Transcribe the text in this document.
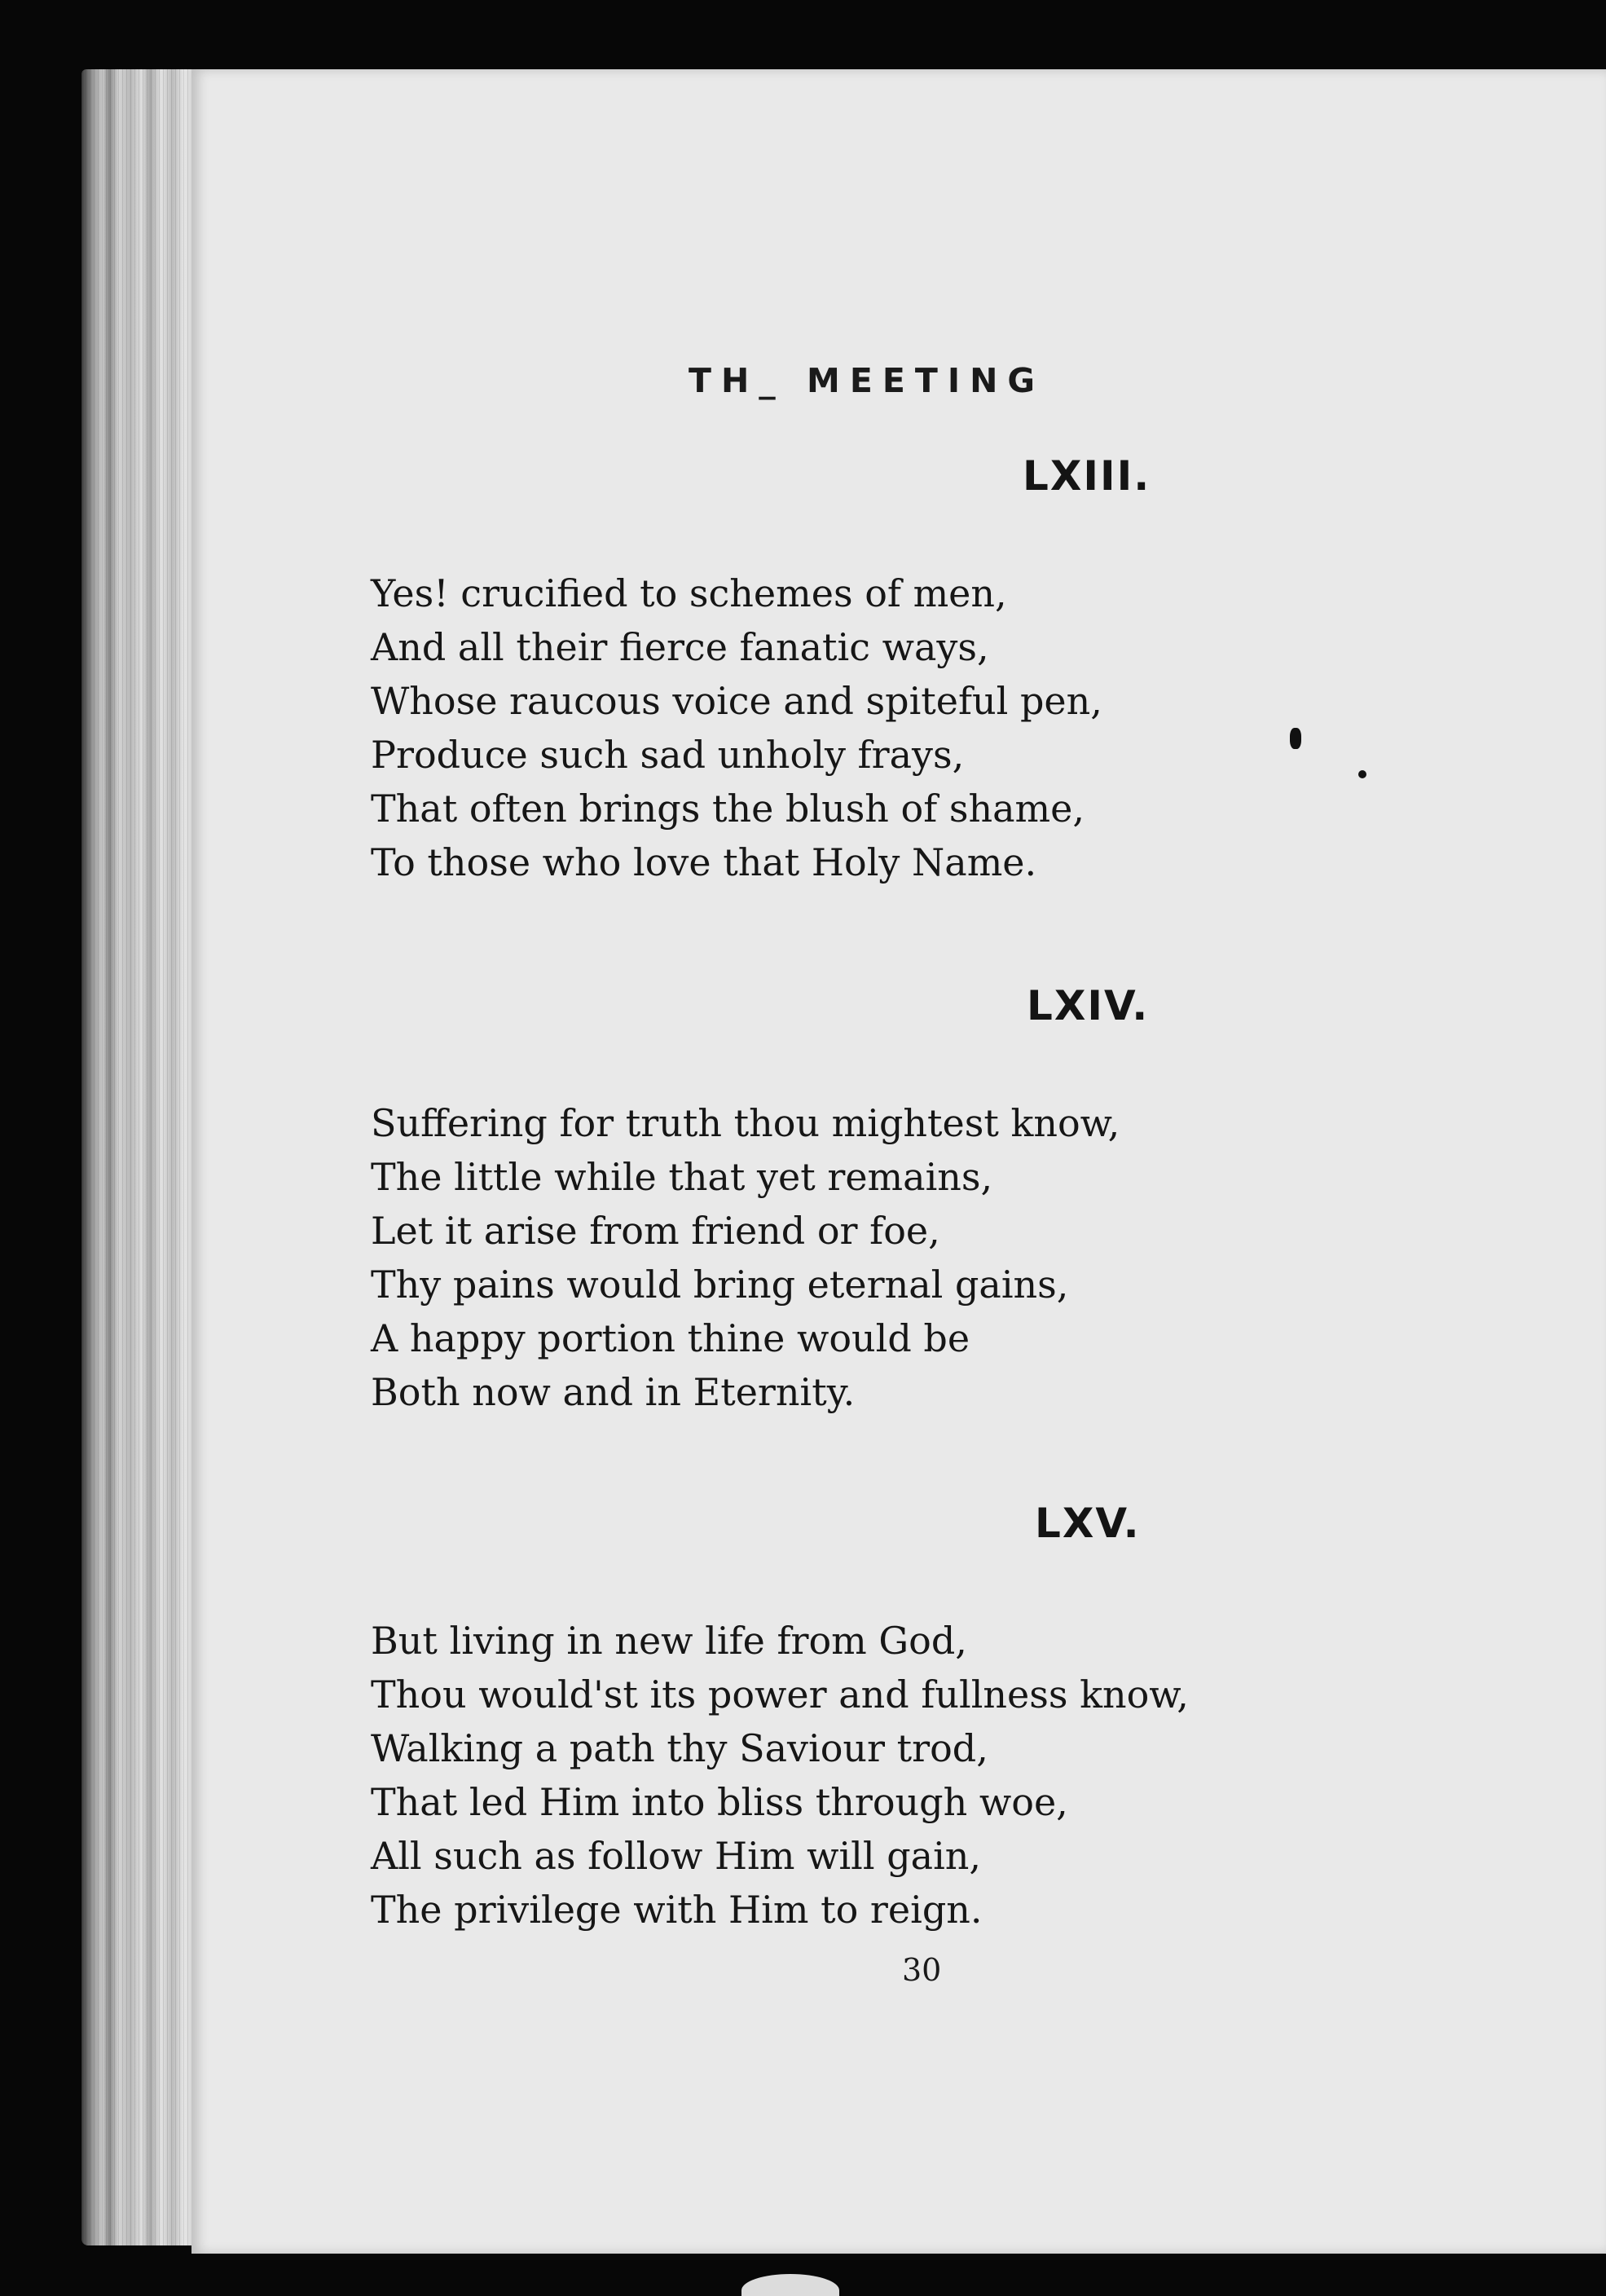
TH_ MEETING
LXIII.
Yes! crucified to schemes of men,
And all their fierce fanatic ways,
Whose raucous voice and spiteful pen,
Produce such sad unholy frays,
That often brings the blush of shame,
To those who love that Holy Name.
LXIV.
Suffering for truth thou mightest know,
The little while that yet remains,
Let it arise from friend or foe,
Thy pains would bring eternal gains,
A happy portion thine would be
Both now and in Eternity.
LXV.
But living in new life from God,
Thou would'st its power and fullness know,
Walking a path thy Saviour trod,
That led Him into bliss through woe,
All such as follow Him will gain,
The privilege with Him to reign.
30
